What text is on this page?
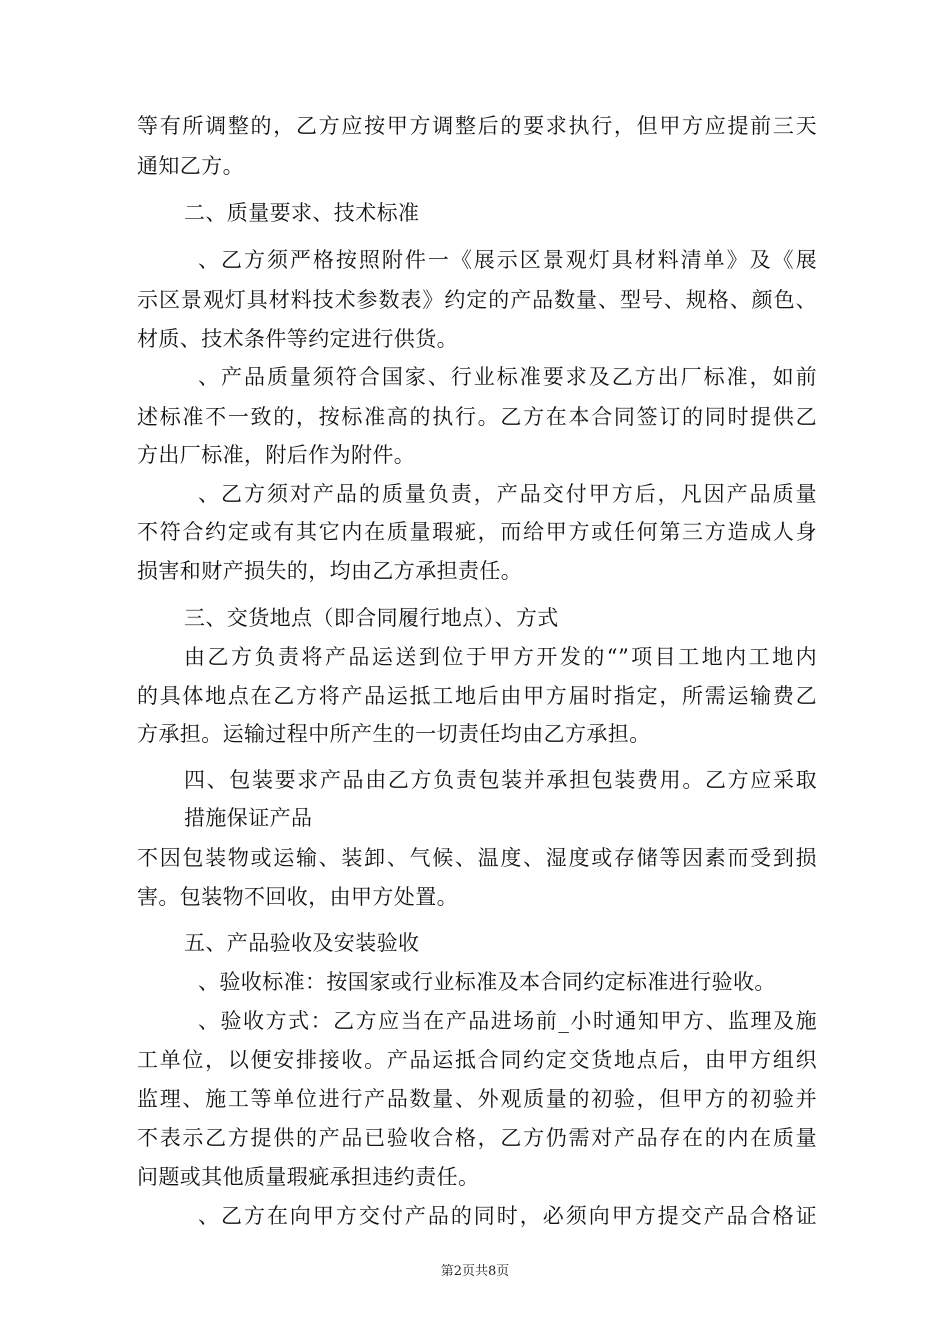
等有所调整的，乙方应按甲方调整后的要求执行，但甲方应提前三天
通知乙方。
二、质量要求、技术标准
、乙方须严格按照附件一《展示区景观灯具材料清单》及《展
示区景观灯具材料技术参数表》约定的产品数量、型号、规格、颜色、
材质、技术条件等约定进行供货。
、产品质量须符合国家、行业标准要求及乙方出厂标准，如前
述标准不一致的，按标准高的执行。乙方在本合同签订的同时提供乙
方出厂标准，附后作为附件。
、乙方须对产品的质量负责，产品交付甲方后，凡因产品质量
不符合约定或有其它内在质量瑕疵，而给甲方或任何第三方造成人身
损害和财产损失的，均由乙方承担责任。
三、交货地点（即合同履行地点）、方式
由乙方负责将产品运送到位于甲方开发的“”项目工地内工地内
的具体地点在乙方将产品运抵工地后由甲方届时指定，所需运输费乙
方承担。运输过程中所产生的一切责任均由乙方承担。
四、包装要求产品由乙方负责包装并承担包装费用。乙方应采取
措施保证产品
不因包装物或运输、装卸、气候、温度、湿度或存储等因素而受到损
害。包装物不回收，由甲方处置。
五、产品验收及安装验收
、验收标准：按国家或行业标准及本合同约定标准进行验收。
、验收方式：乙方应当在产品进场前_小时通知甲方、监理及施
工单位，以便安排接收。产品运抵合同约定交货地点后，由甲方组织
监理、施工等单位进行产品数量、外观质量的初验，但甲方的初验并
不表示乙方提供的产品已验收合格，乙方仍需对产品存在的内在质量
问题或其他质量瑕疵承担违约责任。
、乙方在向甲方交付产品的同时，必须向甲方提交产品合格证
第2页共8页
